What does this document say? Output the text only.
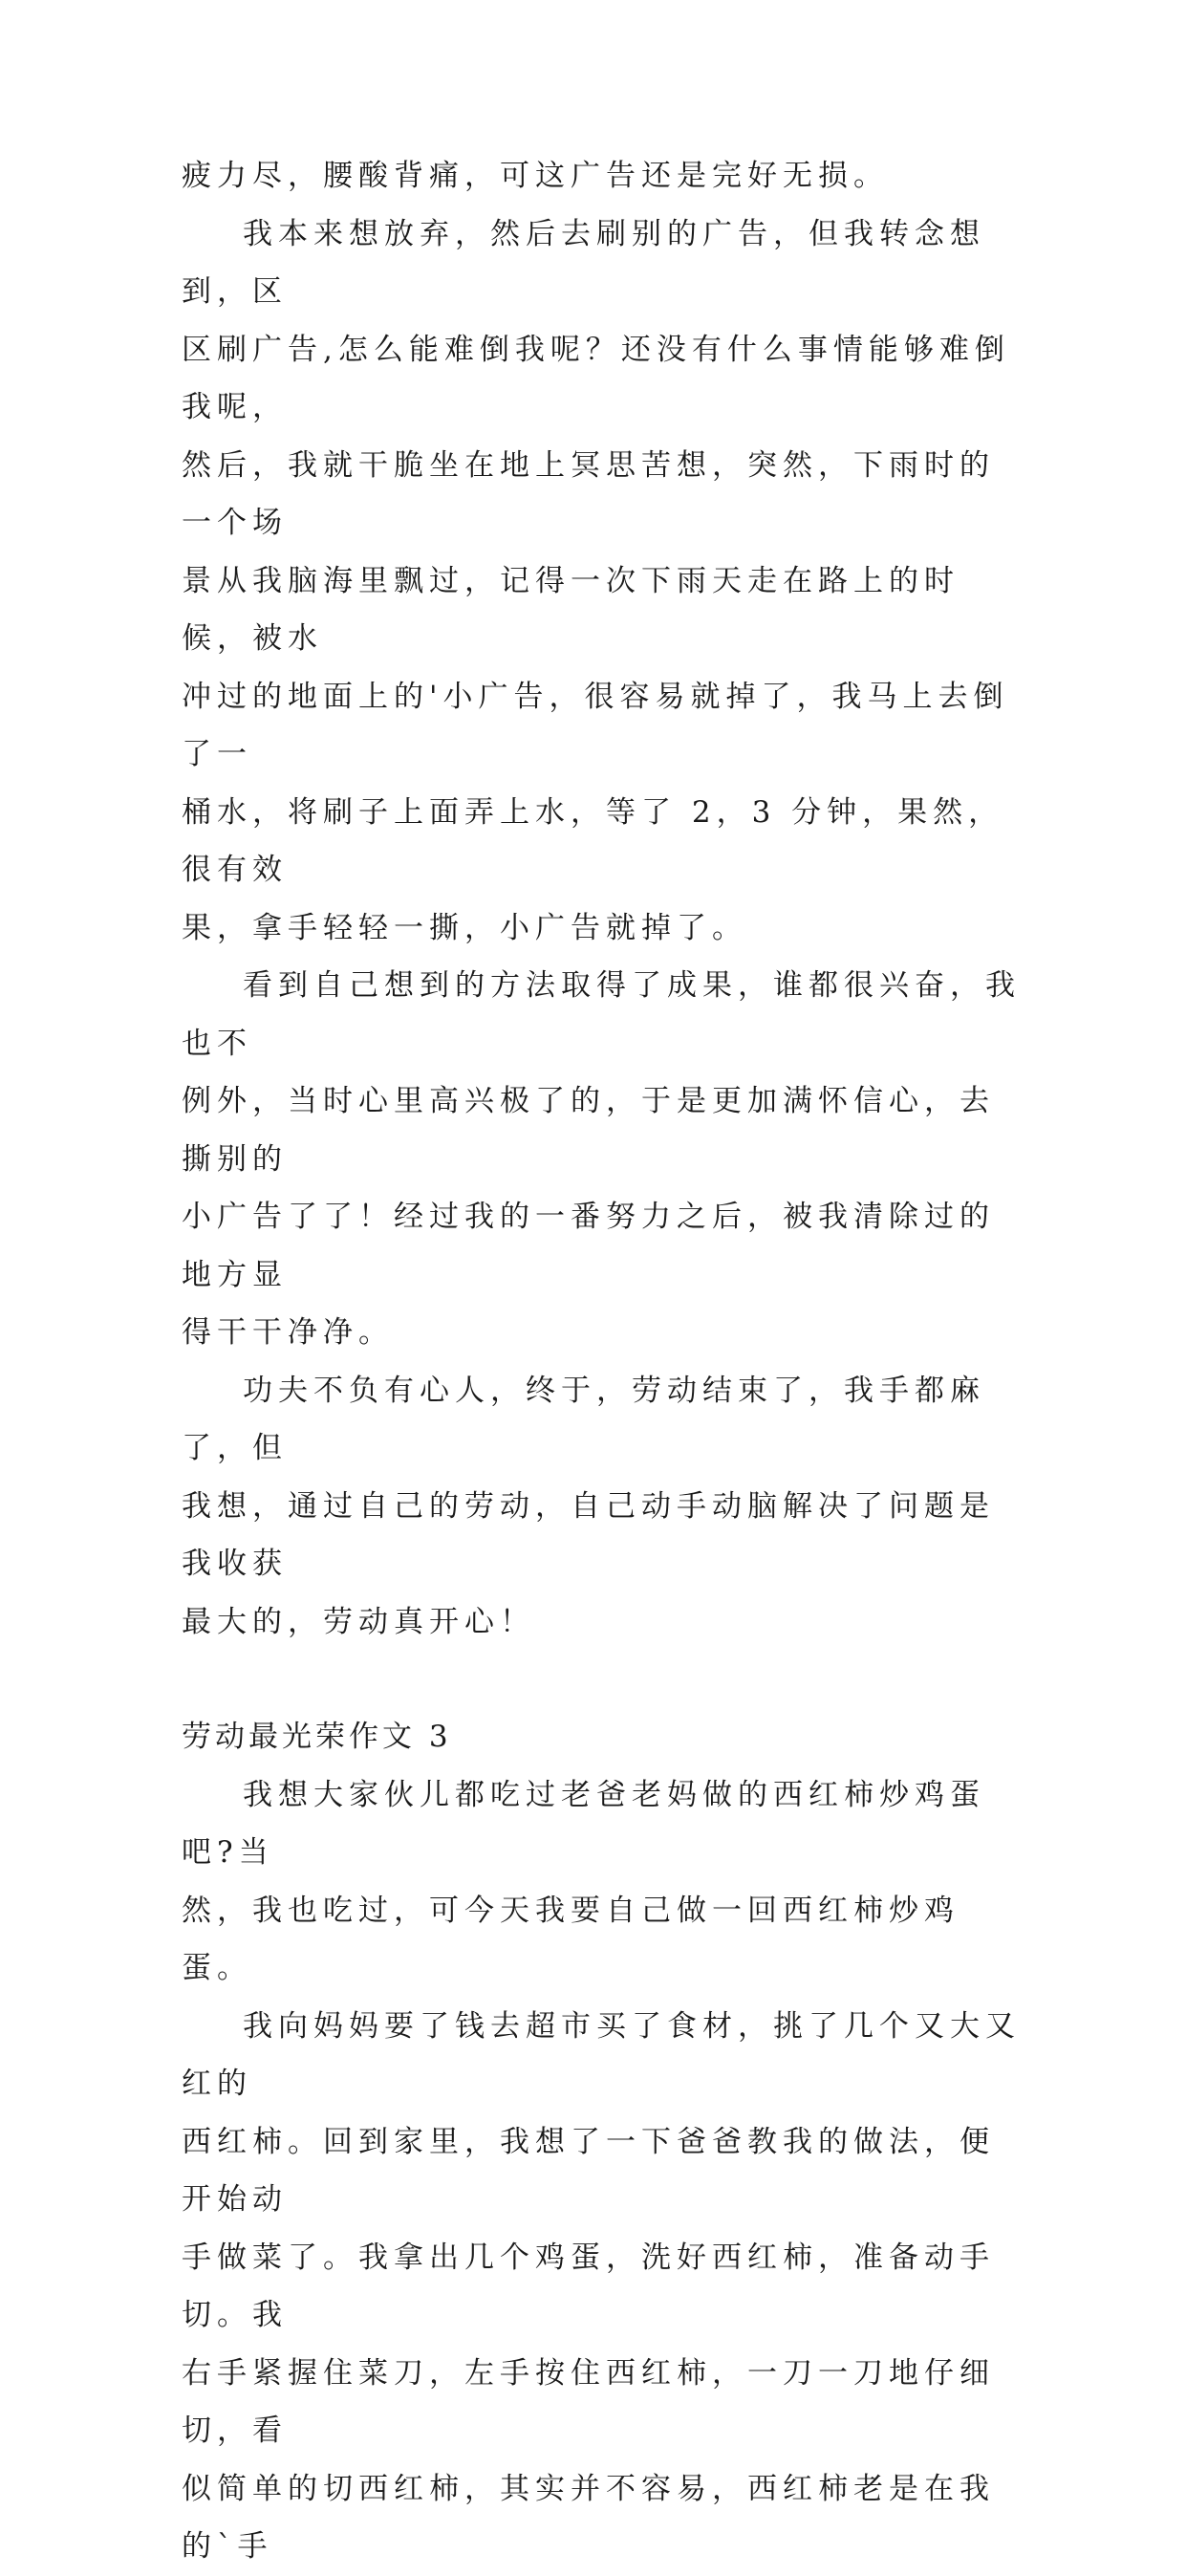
疲力尽，腰酸背痛，可这广告还是完好无损。

我本来想放弃，然后去刷别的广告，但我转念想到，区
区刷广告,怎么能难倒我呢？还没有什么事情能够难倒我呢，
然后，我就干脆坐在地上冥思苦想，突然，下雨时的一个场
景从我脑海里飘过，记得一次下雨天走在路上的时候，被水
冲过的地面上的'小广告，很容易就掉了，我马上去倒了一
桶水，将刷子上面弄上水，等了 2，3 分钟，果然，很有效
果，拿手轻轻一撕，小广告就掉了。

看到自己想到的方法取得了成果，谁都很兴奋，我也不
例外，当时心里高兴极了的，于是更加满怀信心，去撕别的
小广告了了！经过我的一番努力之后，被我清除过的地方显
得干干净净。

功夫不负有心人，终于，劳动结束了，我手都麻了，但
我想，通过自己的劳动，自己动手动脑解决了问题是我收获
最大的，劳动真开心！

劳动最光荣作文 3

我想大家伙儿都吃过老爸老妈做的西红柿炒鸡蛋吧?当
然，我也吃过，可今天我要自己做一回西红柿炒鸡蛋。

我向妈妈要了钱去超市买了食材，挑了几个又大又红的
西红柿。回到家里，我想了一下爸爸教我的做法，便开始动
手做菜了。我拿出几个鸡蛋，洗好西红柿，准备动手切。我
右手紧握住菜刀，左手按住西红柿，一刀一刀地仔细切，看
似简单的切西红柿，其实并不容易，西红柿老是在我的`手
